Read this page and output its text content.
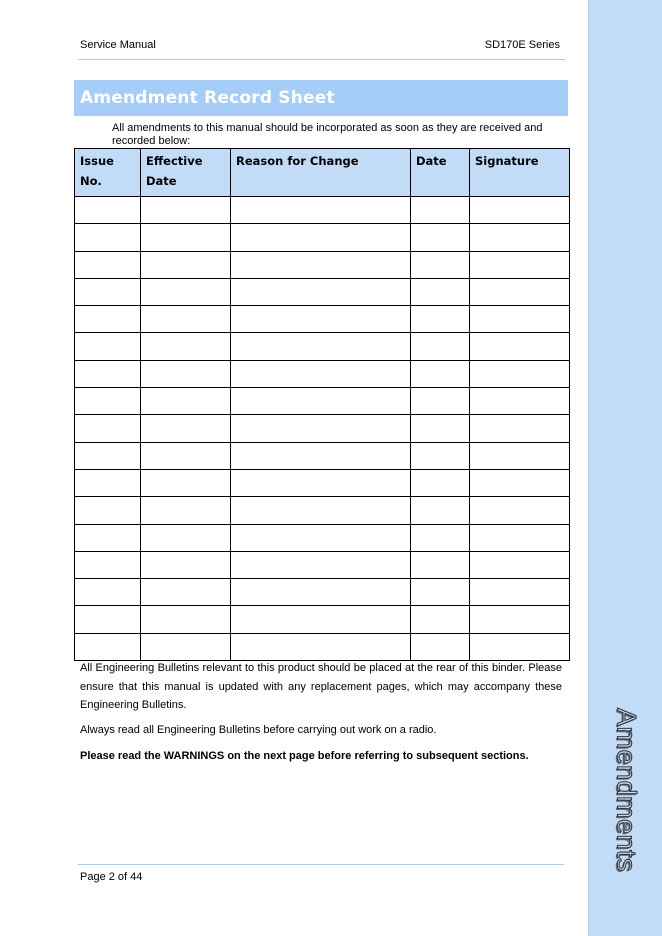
Service Manual	SD170E Series
Amendment Record Sheet
All amendments to this manual should be incorporated as soon as they are received and recorded below:
Issue No.	Effective Date	Reason for Change	Date	Signature

All Engineering Bulletins relevant to this product should be placed at the rear of this binder. Please ensure that this manual is updated with any replacement pages, which may accompany these Engineering Bulletins.

Always read all Engineering Bulletins before carrying out work on a radio.

Please read the WARNINGS on the next page before referring to subsequent sections.

Page 2 of 44
Amendments
